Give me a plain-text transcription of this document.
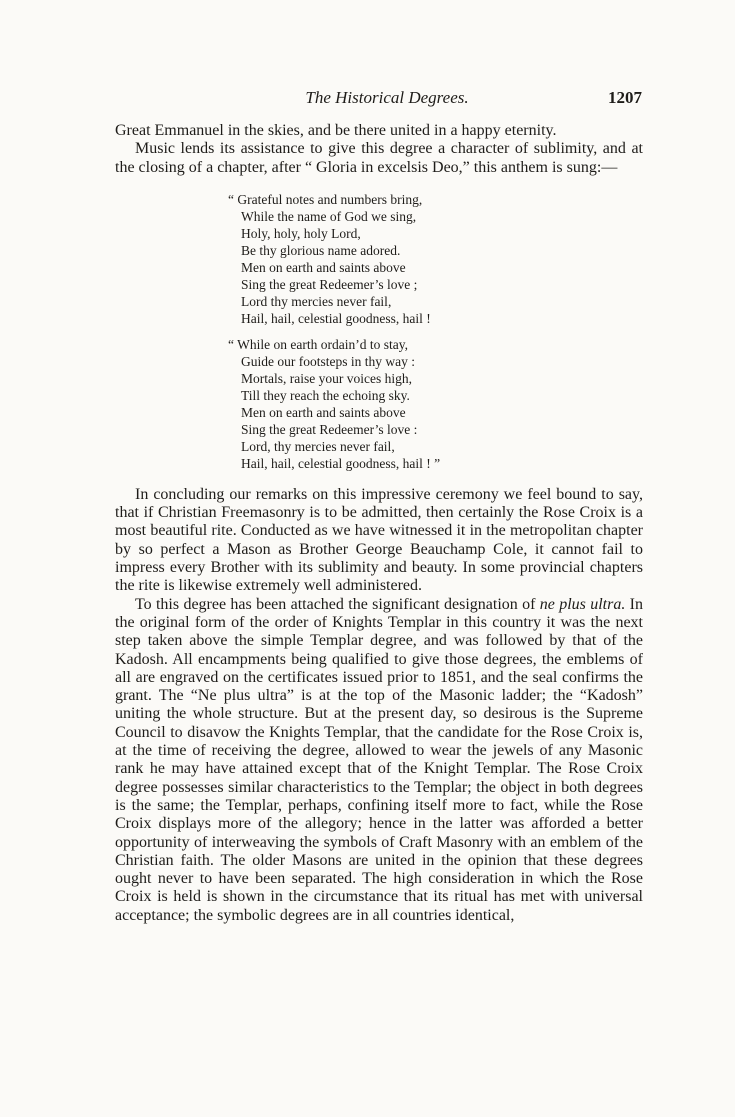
The Historical Degrees.	1207

Great Emmanuel in the skies, and be there united in a happy eternity.

Music lends its assistance to give this degree a character of sublimity, and at the closing of a chapter, after “ Gloria in excelsis Deo,” this anthem is sung:—

“ Grateful notes and numbers bring,
While the name of God we sing,
Holy, holy, holy Lord,
Be thy glorious name adored.
Men on earth and saints above
Sing the great Redeemer’s love ;
Lord thy mercies never fail,
Hail, hail, celestial goodness, hail !
“ While on earth ordain’d to stay,
Guide our footsteps in thy way :
Mortals, raise your voices high,
Till they reach the echoing sky.
Men on earth and saints above
Sing the great Redeemer’s love :
Lord, thy mercies never fail,
Hail, hail, celestial goodness, hail ! ”

In concluding our remarks on this impressive ceremony we feel bound to say, that if Christian Freemasonry is to be admitted, then certainly the Rose Croix is a most beautiful rite. Conducted as we have witnessed it in the metropolitan chapter by so perfect a Mason as Brother George Beauchamp Cole, it cannot fail to impress every Brother with its sublimity and beauty. In some provincial chapters the rite is likewise extremely well administered.

To this degree has been attached the significant designation of ne plus ultra. In the original form of the order of Knights Templar in this country it was the next step taken above the simple Templar degree, and was followed by that of the Kadosh. All encampments being qualified to give those degrees, the emblems of all are engraved on the certificates issued prior to 1851, and the seal confirms the grant. The “Ne plus ultra” is at the top of the Masonic ladder; the “Kadosh” uniting the whole structure. But at the present day, so desirous is the Supreme Council to disavow the Knights Templar, that the candidate for the Rose Croix is, at the time of receiving the degree, allowed to wear the jewels of any Masonic rank he may have attained except that of the Knight Templar. The Rose Croix degree possesses similar characteristics to the Templar; the object in both degrees is the same; the Templar, perhaps, confining itself more to fact, while the Rose Croix displays more of the allegory; hence in the latter was afforded a better opportunity of interweaving the symbols of Craft Masonry with an emblem of the Christian faith. The older Masons are united in the opinion that these degrees ought never to have been separated. The high consideration in which the Rose Croix is held is shown in the circumstance that its ritual has met with universal acceptance; the symbolic degrees are in all countries identical,
